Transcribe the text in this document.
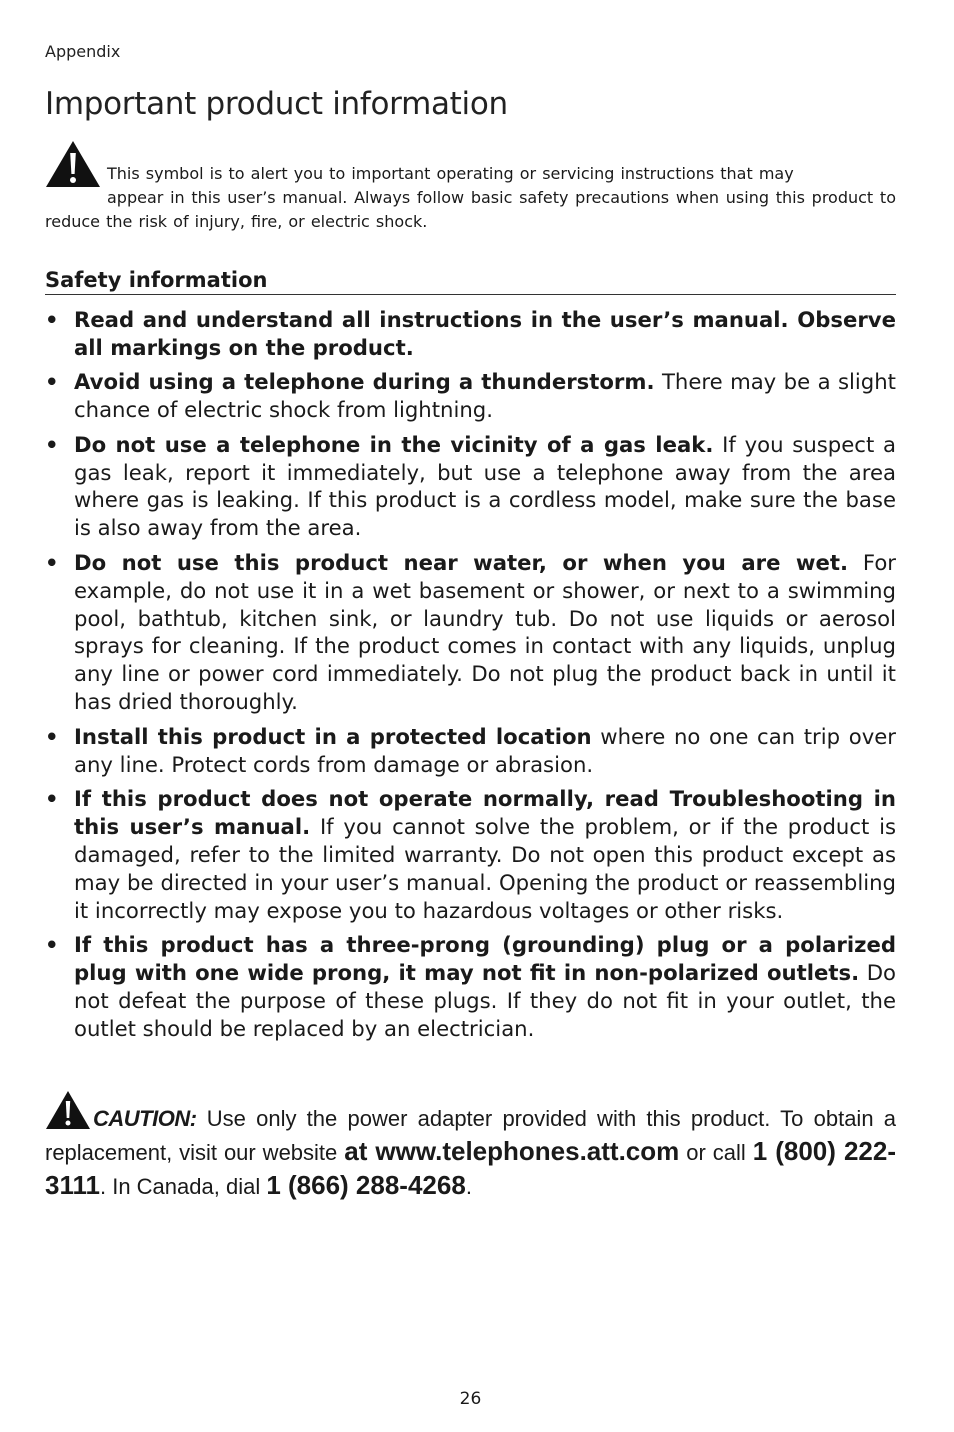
Appendix
Important product information

This symbol is to alert you to important operating or servicing instructions that may
appear in this user’s manual. Always follow basic safety precautions when using this product to reduce the risk of injury, fire, or electric shock.

Safety information
• Read and understand all instructions in the user’s manual. Observe all markings on the product.
• Avoid using a telephone during a thunderstorm. There may be a slight chance of electric shock from lightning.
• Do not use a telephone in the vicinity of a gas leak. If you suspect a gas leak, report it immediately, but use a telephone away from the area where gas is leaking. If this product is a cordless model, make sure the base is also away from the area.
• Do not use this product near water, or when you are wet. For example, do not use it in a wet basement or shower, or next to a swimming pool, bathtub, kitchen sink, or laundry tub. Do not use liquids or aerosol sprays for cleaning. If the product comes in contact with any liquids, unplug any line or power cord immediately. Do not plug the product back in until it has dried thoroughly.
• Install this product in a protected location where no one can trip over any line. Protect cords from damage or abrasion.
• If this product does not operate normally, read Troubleshooting in this user’s manual. If you cannot solve the problem, or if the product is damaged, refer to the limited warranty. Do not open this product except as may be directed in your user’s manual. Opening the product or reassembling it incorrectly may expose you to hazardous voltages or other risks.
• If this product has a three-prong (grounding) plug or a polarized plug with one wide prong, it may not fit in non-polarized outlets. Do not defeat the purpose of these plugs. If they do not fit in your outlet, the outlet should be replaced by an electrician.

CAUTION: Use only the power adapter provided with this product. To obtain a replacement, visit our website at www.telephones.att.com or call 1 (800) 222-3111. In Canada, dial 1 (866) 288-4268.

26
